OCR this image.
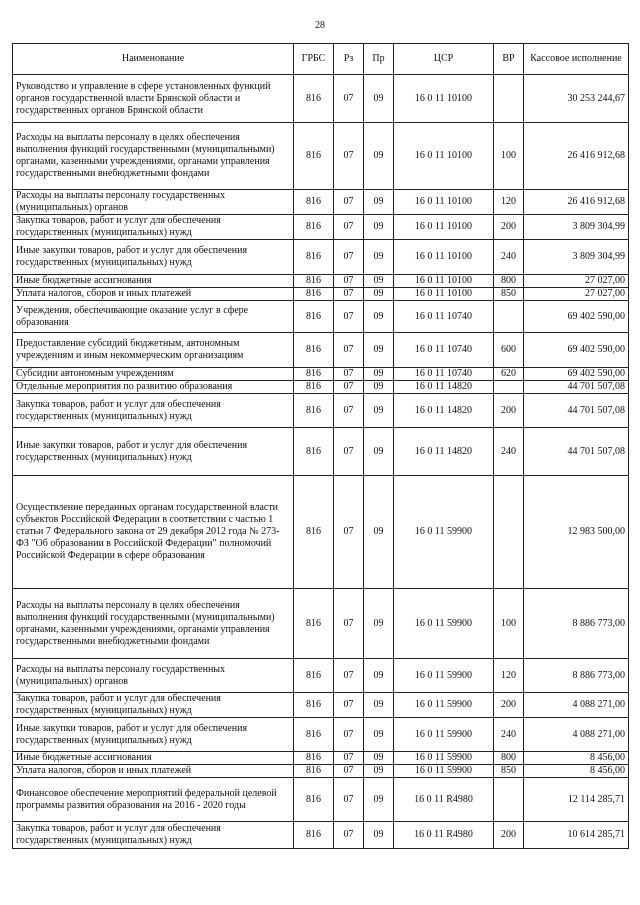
28
Наименование	ГРБС	Рз	Пр	ЦСР	ВР	Кассовое исполнение
Руководство и управление в сфере установленных функций органов государственной власти Брянской области и государственных органов Брянской области	816	07	09	16 0 11 10100		30 253 244,67
Расходы на выплаты персоналу в целях обеспечения выполнения функций государственными (муниципальными) органами, казенными учреждениями, органами управления государственными внебюджетными фондами	816	07	09	16 0 11 10100	100	26 416 912,68
Расходы на выплаты персоналу государственных (муниципальных) органов	816	07	09	16 0 11 10100	120	26 416 912,68
Закупка товаров, работ и услуг для обеспечения государственных (муниципальных) нужд	816	07	09	16 0 11 10100	200	3 809 304,99
Иные закупки товаров, работ и услуг для обеспечения государственных (муниципальных) нужд	816	07	09	16 0 11 10100	240	3 809 304,99
Иные бюджетные ассигнования	816	07	09	16 0 11 10100	800	27 027,00
Уплата налогов, сборов и иных платежей	816	07	09	16 0 11 10100	850	27 027,00
Учреждения, обеспечивающие оказание услуг в сфере образования	816	07	09	16 0 11 10740		69 402 590,00
Предоставление субсидий бюджетным, автономным учреждениям и иным некоммерческим организациям	816	07	09	16 0 11 10740	600	69 402 590,00
Субсидии автономным учреждениям	816	07	09	16 0 11 10740	620	69 402 590,00
Отдельные мероприятия по развитию образования	816	07	09	16 0 11 14820		44 701 507,08
Закупка товаров, работ и услуг для обеспечения государственных (муниципальных) нужд	816	07	09	16 0 11 14820	200	44 701 507,08
Иные закупки товаров, работ и услуг для обеспечения государственных (муниципальных) нужд	816	07	09	16 0 11 14820	240	44 701 507,08
Осуществление переданных органам государственной власти субъектов Российской Федерации в соответствии с частью 1 статьи 7 Федерального закона от 29 декабря 2012 года № 273-ФЗ "Об образовании в Российской Федерации" полномочий Российской Федерации в сфере образования	816	07	09	16 0 11 59900		12 983 500,00
Расходы на выплаты персоналу в целях обеспечения выполнения функций государственными (муниципальными) органами, казенными учреждениями, органами управления государственными внебюджетными фондами	816	07	09	16 0 11 59900	100	8 886 773,00
Расходы на выплаты персоналу государственных (муниципальных) органов	816	07	09	16 0 11 59900	120	8 886 773,00
Закупка товаров, работ и услуг для обеспечения государственных (муниципальных) нужд	816	07	09	16 0 11 59900	200	4 088 271,00
Иные закупки товаров, работ и услуг для обеспечения государственных (муниципальных) нужд	816	07	09	16 0 11 59900	240	4 088 271,00
Иные бюджетные ассигнования	816	07	09	16 0 11 59900	800	8 456,00
Уплата налогов, сборов и иных платежей	816	07	09	16 0 11 59900	850	8 456,00
Финансовое обеспечение мероприятий федеральной целевой программы развития образования на 2016 - 2020 годы	816	07	09	16 0 11 R4980		12 114 285,71
Закупка товаров, работ и услуг для обеспечения государственных (муниципальных) нужд	816	07	09	16 0 11 R4980	200	10 614 285,71
